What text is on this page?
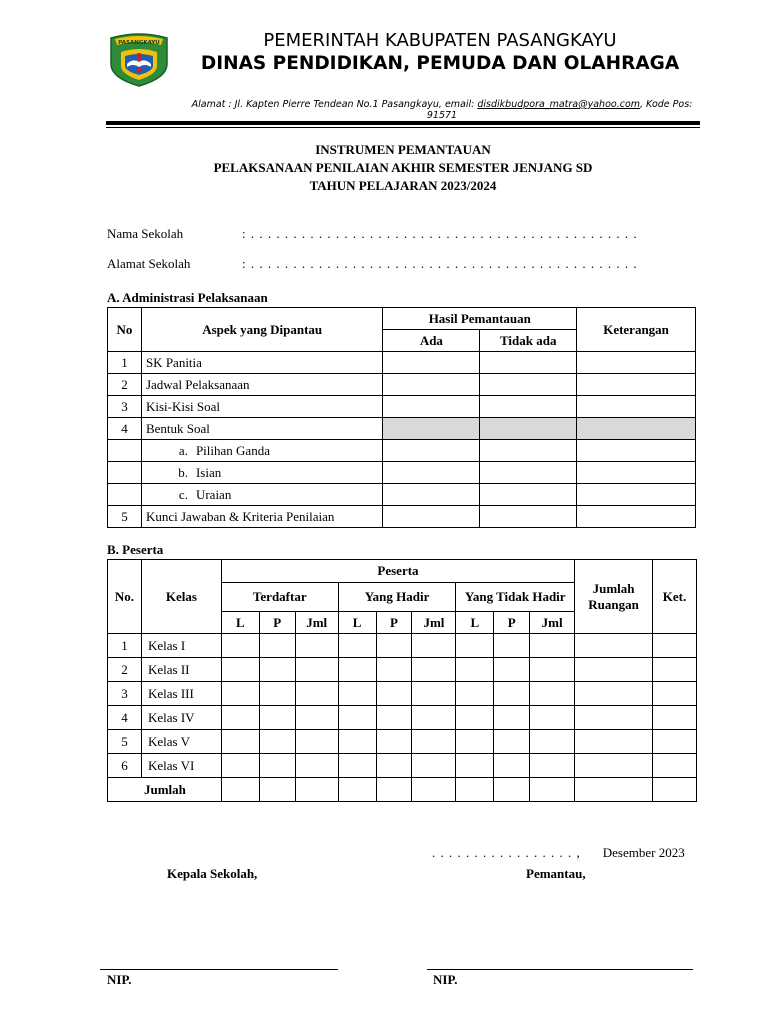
PASANGKAYU	PEMERINTAH KABUPATEN PASANGKAYU
DINAS PENDIDIKAN, PEMUDA DAN OLAHRAGA
Alamat : Jl. Kapten Pierre Tendean No.1 Pasangkayu, email: disdikbudpora_matra@yahoo.com, Kode Pos: 91571
INSTRUMEN PEMANTAUAN
PELAKSANAAN PENILAIAN AKHIR SEMESTER JENJANG SD
TAHUN PELAJARAN 2023/2024
Nama Sekolah	: . . . . . . . . . . . . . . . . . . . . . . . . . . . . . . . . . . . . . . . . . . . . . .
Alamat Sekolah	: . . . . . . . . . . . . . . . . . . . . . . . . . . . . . . . . . . . . . . . . . . . . . .
A. Administrasi Pelaksanaan
No	Aspek yang Dipantau	Hasil Pemantauan		Keterangan
		Ada	Tidak ada	
1	SK Panitia			
2	Jadwal Pelaksanaan			
3	Kisi-Kisi Soal			
4	Bentuk Soal			
	a. Pilihan Ganda			
	b. Isian			
	c. Uraian			
5	Kunci Jawaban & Kriteria Penilaian			
B. Peserta
No.	Kelas	Peserta									Jumlah Ruangan	Ket.
		Terdaftar			Yang Hadir			Yang Tidak Hadir				
		L	P	Jml	L	P	Jml	L	P	Jml		
1	Kelas I											
2	Kelas II											
3	Kelas III											
4	Kelas IV											
5	Kelas V											
6	Kelas VI											
Jumlah												
. . . . . . . . . . . . . . . . . , Desember 2023
Kepala Sekolah,	Pemantau,
NIP.	NIP.
